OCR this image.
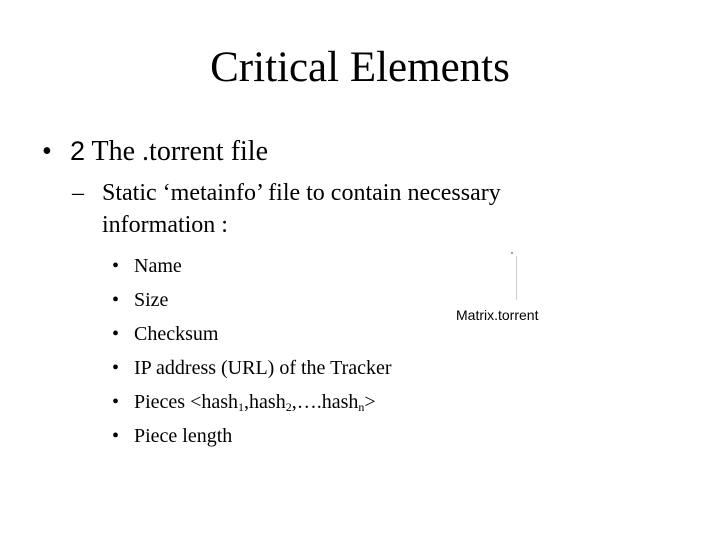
Critical Elements
• 2 The .torrent file
– Static ‘metainfo’ file to contain necessary information :
• Name
• Size
• Checksum
• IP address (URL) of the Tracker
• Pieces <hash$_1$,hash$_2$,….hash$_n$>
• Piece length
Matrix.torrent
